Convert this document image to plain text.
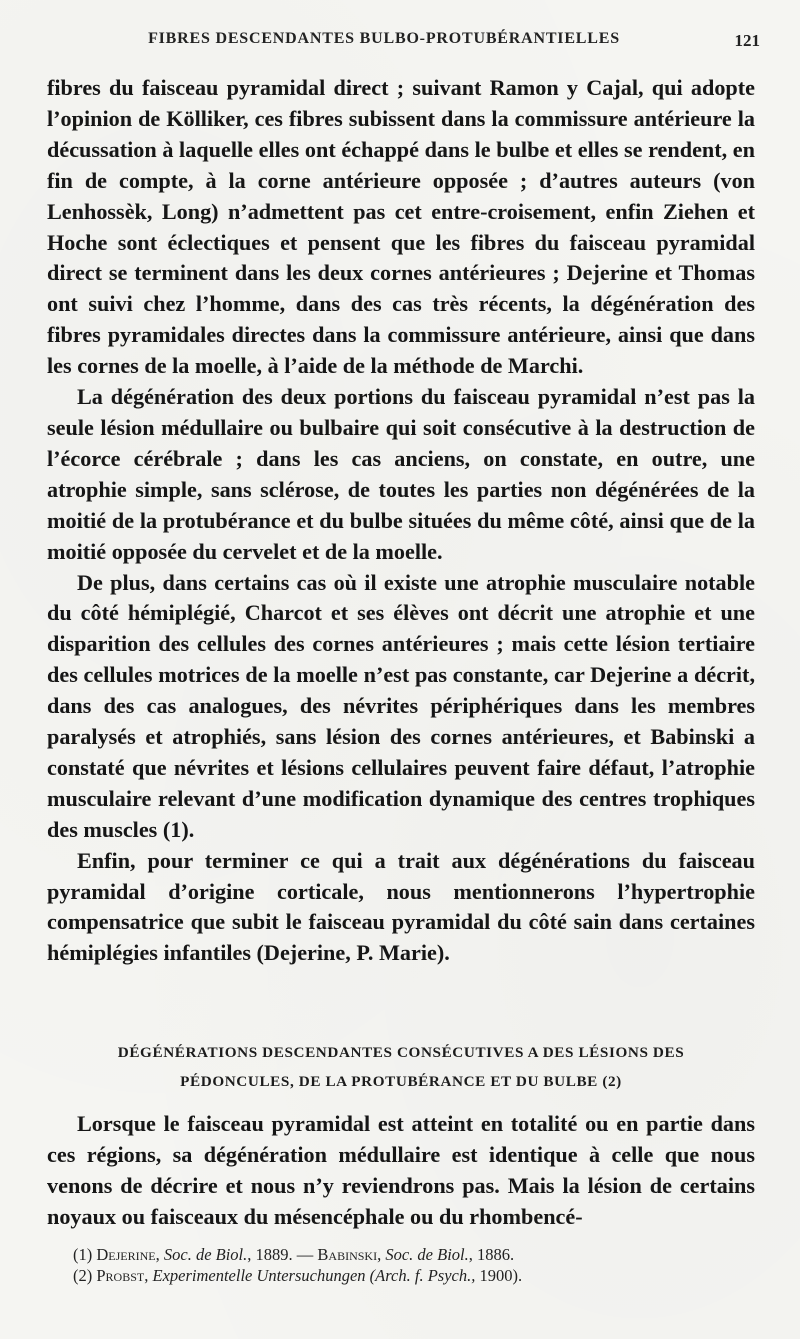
FIBRES DESCENDANTES BULBO-PROTUBÉRANTIELLES	121

fibres du faisceau pyramidal direct ; suivant Ramon y Cajal, qui adopte l’opinion de Kölliker, ces fibres subissent dans la commissure antérieure la décussation à laquelle elles ont échappé dans le bulbe et elles se rendent, en fin de compte, à la corne antérieure opposée ; d’autres auteurs (von Lenhossèk, Long) n’admettent pas cet entre-croisement, enfin Ziehen et Hoche sont éclectiques et pensent que les fibres du faisceau pyramidal direct se terminent dans les deux cornes antérieures ; Dejerine et Thomas ont suivi chez l’homme, dans des cas très récents, la dégénération des fibres pyramidales directes dans la commissure antérieure, ainsi que dans les cornes de la moelle, à l’aide de la méthode de Marchi.

La dégénération des deux portions du faisceau pyramidal n’est pas la seule lésion médullaire ou bulbaire qui soit consécutive à la destruction de l’écorce cérébrale ; dans les cas anciens, on constate, en outre, une atrophie simple, sans sclérose, de toutes les parties non dégénérées de la moitié de la protubérance et du bulbe situées du même côté, ainsi que de la moitié opposée du cervelet et de la moelle.

De plus, dans certains cas où il existe une atrophie musculaire notable du côté hémiplégié, Charcot et ses élèves ont décrit une atrophie et une disparition des cellules des cornes antérieures ; mais cette lésion tertiaire des cellules motrices de la moelle n’est pas constante, car Dejerine a décrit, dans des cas analogues, des névrites périphériques dans les membres paralysés et atrophiés, sans lésion des cornes antérieures, et Babinski a constaté que névrites et lésions cellulaires peuvent faire défaut, l’atrophie musculaire relevant d’une modification dynamique des centres trophiques des muscles (1).

Enfin, pour terminer ce qui a trait aux dégénérations du faisceau pyramidal d’origine corticale, nous mentionnerons l’hypertrophie compensatrice que subit le faisceau pyramidal du côté sain dans certaines hémiplégies infantiles (Dejerine, P. Marie).

DÉGÉNÉRATIONS DESCENDANTES CONSÉCUTIVES A DES LÉSIONS DES
PÉDONCULES, DE LA PROTUBÉRANCE ET DU BULBE (2)

Lorsque le faisceau pyramidal est atteint en totalité ou en partie dans ces régions, sa dégénération médullaire est identique à celle que nous venons de décrire et nous n’y reviendrons pas. Mais la lésion de certains noyaux ou faisceaux du mésencéphale ou du rhombencé-

(1) Dejerine, Soc. de Biol., 1889. — Babinski, Soc. de Biol., 1886.

(2) Probst, Experimentelle Untersuchungen (Arch. f. Psych., 1900).
